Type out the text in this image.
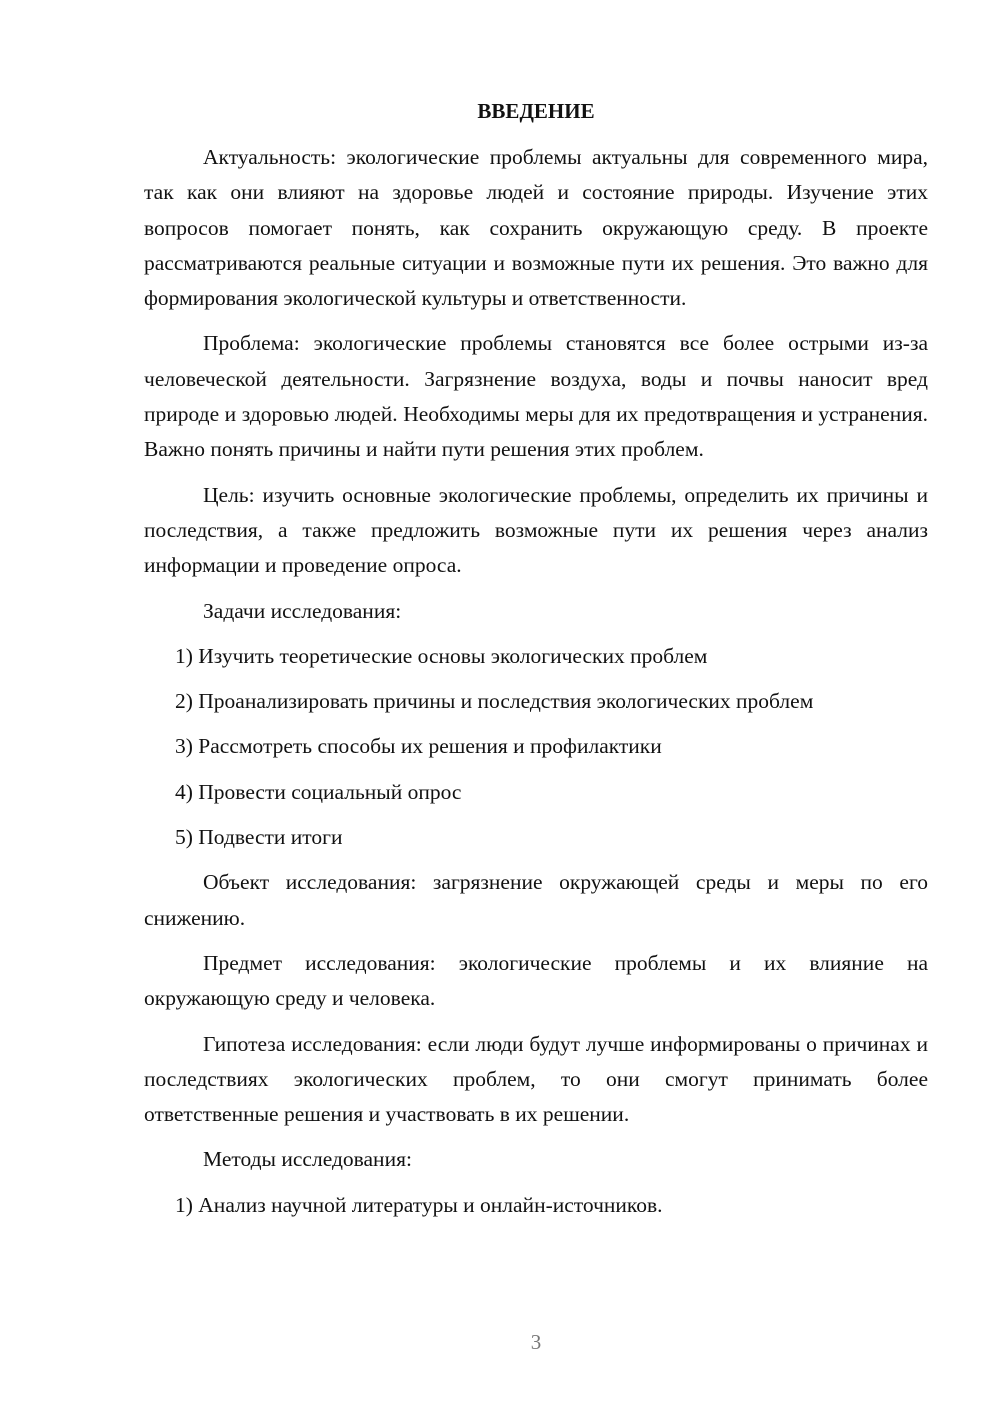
ВВЕДЕНИЕ

Актуальность: экологические проблемы актуальны для современного мира, так как они влияют на здоровье людей и состояние природы. Изучение этих вопросов помогает понять, как сохранить окружающую среду. В проекте рассматриваются реальные ситуации и возможные пути их решения. Это важно для формирования экологической культуры и ответственности.

Проблема: экологические проблемы становятся все более острыми из-за человеческой деятельности. Загрязнение воздуха, воды и почвы наносит вред природе и здоровью людей. Необходимы меры для их предотвращения и устранения. Важно понять причины и найти пути решения этих проблем.

Цель: изучить основные экологические проблемы, определить их причины и последствия, а также предложить возможные пути их решения через анализ информации и проведение опроса.

Задачи исследования:

1) Изучить теоретические основы экологических проблем
2) Проанализировать причины и последствия экологических проблем
3) Рассмотреть способы их решения и профилактики
4) Провести социальный опрос
5) Подвести итоги

Объект исследования: загрязнение окружающей среды и меры по его снижению.

Предмет исследования: экологические проблемы и их влияние на окружающую среду и человека.

Гипотеза исследования: если люди будут лучше информированы о причинах и последствиях экологических проблем, то они смогут принимать более ответственные решения и участвовать в их решении.

Методы исследования:

1) Анализ научной литературы и онлайн-источников.
3
